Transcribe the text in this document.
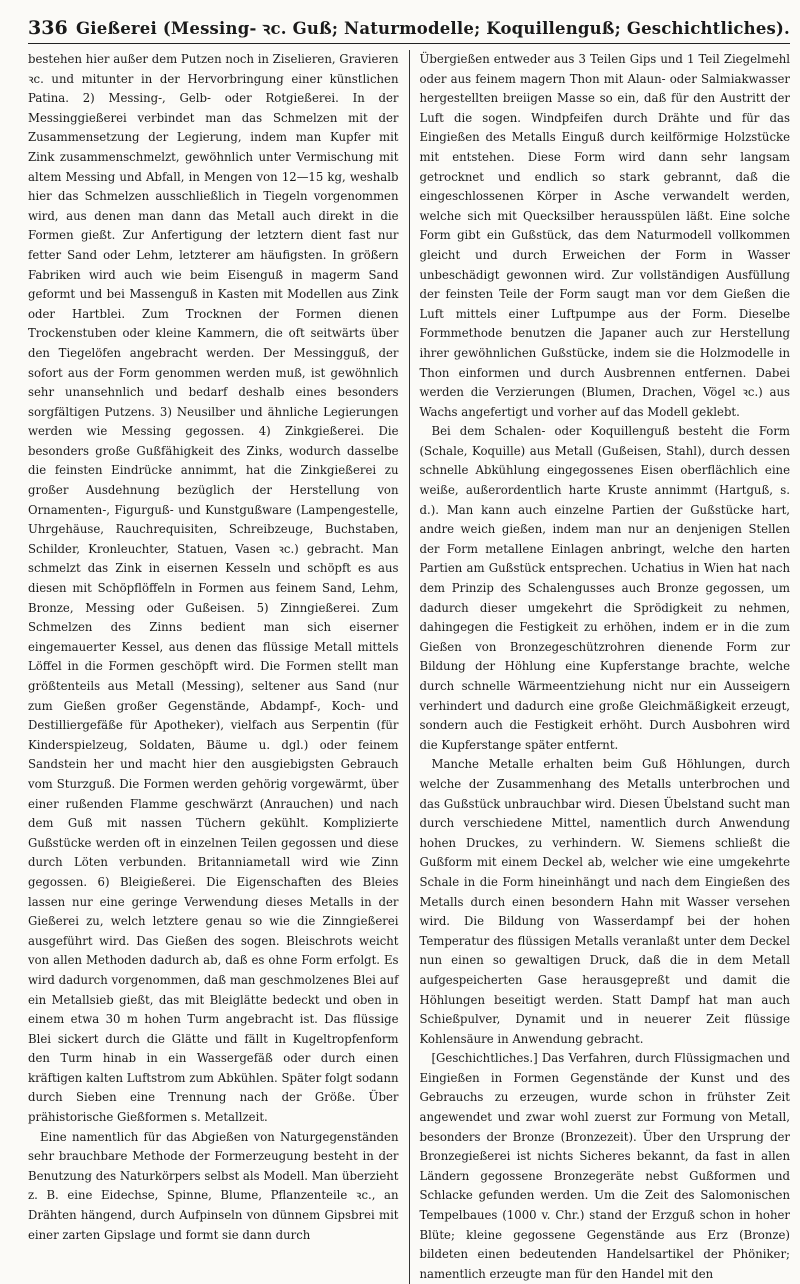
336 Gießerei (Messing- ꝛc. Guß; Naturmodelle; Koquillenguß; Geschichtliches).

bestehen hier außer dem Putzen noch in Ziselieren, Gravieren ꝛc. und mitunter in der Hervorbringung einer künstlichen Patina. 2) Messing-, Gelb- oder Rotgießerei. In der Messinggießerei verbindet man das Schmelzen mit der Zusammensetzung der Legierung, indem man Kupfer mit Zink zusammenschmelzt, gewöhnlich unter Vermischung mit altem Messing und Abfall, in Mengen von 12—15 kg, weshalb hier das Schmelzen ausschließlich in Tiegeln vorgenommen wird, aus denen man dann das Metall auch direkt in die Formen gießt. Zur Anfertigung der letztern dient fast nur fetter Sand oder Lehm, letzterer am häufigsten. In größern Fabriken wird auch wie beim Eisenguß in magerm Sand geformt und bei Massenguß in Kasten mit Modellen aus Zink oder Hartblei. Zum Trocknen der Formen dienen Trockenstuben oder kleine Kammern, die oft seitwärts über den Tiegelöfen angebracht werden. Der Messingguß, der sofort aus der Form genommen werden muß, ist gewöhnlich sehr unansehnlich und bedarf deshalb eines besonders sorgfältigen Putzens. 3) Neusilber und ähnliche Legierungen werden wie Messing gegossen. 4) Zinkgießerei. Die besonders große Gußfähigkeit des Zinks, wodurch dasselbe die feinsten Eindrücke annimmt, hat die Zinkgießerei zu großer Ausdehnung bezüglich der Herstellung von Ornamenten-, Figurguß- und Kunstgußware (Lampengestelle, Uhrgehäuse, Rauchrequisiten, Schreibzeuge, Buchstaben, Schilder, Kronleuchter, Statuen, Vasen ꝛc.) gebracht. Man schmelzt das Zink in eisernen Kesseln und schöpft es aus diesen mit Schöpflöffeln in Formen aus feinem Sand, Lehm, Bronze, Messing oder Gußeisen. 5) Zinngießerei. Zum Schmelzen des Zinns bedient man sich eiserner eingemauerter Kessel, aus denen das flüssige Metall mittels Löffel in die Formen geschöpft wird. Die Formen stellt man größtenteils aus Metall (Messing), seltener aus Sand (nur zum Gießen großer Gegenstände, Abdampf-, Koch- und Destilliergefäße für Apotheker), vielfach aus Serpentin (für Kinderspielzeug, Soldaten, Bäume u. dgl.) oder feinem Sandstein her und macht hier den ausgiebigsten Gebrauch vom Sturzguß. Die Formen werden gehörig vorgewärmt, über einer rußenden Flamme geschwärzt (Anrauchen) und nach dem Guß mit nassen Tüchern gekühlt. Komplizierte Gußstücke werden oft in einzelnen Teilen gegossen und diese durch Löten verbunden. Britanniametall wird wie Zinn gegossen. 6) Bleigießerei. Die Eigenschaften des Bleies lassen nur eine geringe Verwendung dieses Metalls in der Gießerei zu, welch letztere genau so wie die Zinngießerei ausgeführt wird. Das Gießen des sogen. Bleischrots weicht von allen Methoden dadurch ab, daß es ohne Form erfolgt. Es wird dadurch vorgenommen, daß man geschmolzenes Blei auf ein Metallsieb gießt, das mit Bleiglätte bedeckt und oben in einem etwa 30 m hohen Turm angebracht ist. Das flüssige Blei sickert durch die Glätte und fällt in Kugeltropfenform den Turm hinab in ein Wassergefäß oder durch einen kräftigen kalten Luftstrom zum Abkühlen. Später folgt sodann durch Sieben eine Trennung nach der Größe. Über prähistorische Gießformen s. Metallzeit.

Eine namentlich für das Abgießen von Naturgegenständen sehr brauchbare Methode der Formerzeugung besteht in der Benutzung des Naturkörpers selbst als Modell. Man überzieht z. B. eine Eidechse, Spinne, Blume, Pflanzenteile ꝛc., an Drähten hängend, durch Aufpinseln von dünnem Gipsbrei mit einer zarten Gipslage und formt sie dann durch

Übergießen entweder aus 3 Teilen Gips und 1 Teil Ziegelmehl oder aus feinem magern Thon mit Alaun- oder Salmiakwasser hergestellten breiigen Masse so ein, daß für den Austritt der Luft die sogen. Windpfeifen durch Drähte und für das Eingießen des Metalls Einguß durch keilförmige Holzstücke mit entstehen. Diese Form wird dann sehr langsam getrocknet und endlich so stark gebrannt, daß die eingeschlossenen Körper in Asche verwandelt werden, welche sich mit Quecksilber herausspülen läßt. Eine solche Form gibt ein Gußstück, das dem Naturmodell vollkommen gleicht und durch Erweichen der Form in Wasser unbeschädigt gewonnen wird. Zur vollständigen Ausfüllung der feinsten Teile der Form saugt man vor dem Gießen die Luft mittels einer Luftpumpe aus der Form. Dieselbe Formmethode benutzen die Japaner auch zur Herstellung ihrer gewöhnlichen Gußstücke, indem sie die Holzmodelle in Thon einformen und durch Ausbrennen entfernen. Dabei werden die Verzierungen (Blumen, Drachen, Vögel ꝛc.) aus Wachs angefertigt und vorher auf das Modell geklebt.

Bei dem Schalen- oder Koquillenguß besteht die Form (Schale, Koquille) aus Metall (Gußeisen, Stahl), durch dessen schnelle Abkühlung eingegossenes Eisen oberflächlich eine weiße, außerordentlich harte Kruste annimmt (Hartguß, s. d.). Man kann auch einzelne Partien der Gußstücke hart, andre weich gießen, indem man nur an denjenigen Stellen der Form metallene Einlagen anbringt, welche den harten Partien am Gußstück entsprechen. Uchatius in Wien hat nach dem Prinzip des Schalengusses auch Bronze gegossen, um dadurch dieser umgekehrt die Sprödigkeit zu nehmen, dahingegen die Festigkeit zu erhöhen, indem er in die zum Gießen von Bronzegeschützrohren dienende Form zur Bildung der Höhlung eine Kupferstange brachte, welche durch schnelle Wärmeentziehung nicht nur ein Ausseigern verhindert und dadurch eine große Gleichmäßigkeit erzeugt, sondern auch die Festigkeit erhöht. Durch Ausbohren wird die Kupferstange später entfernt.

Manche Metalle erhalten beim Guß Höhlungen, durch welche der Zusammenhang des Metalls unterbrochen und das Gußstück unbrauchbar wird. Diesen Übelstand sucht man durch verschiedene Mittel, namentlich durch Anwendung hohen Druckes, zu verhindern. W. Siemens schließt die Gußform mit einem Deckel ab, welcher wie eine umgekehrte Schale in die Form hineinhängt und nach dem Eingießen des Metalls durch einen besondern Hahn mit Wasser versehen wird. Die Bildung von Wasserdampf bei der hohen Temperatur des flüssigen Metalls veranlaßt unter dem Deckel nun einen so gewaltigen Druck, daß die in dem Metall aufgespeicherten Gase herausgepreßt und damit die Höhlungen beseitigt werden. Statt Dampf hat man auch Schießpulver, Dynamit und in neuerer Zeit flüssige Kohlensäure in Anwendung gebracht.

[Geschichtliches.] Das Verfahren, durch Flüssigmachen und Eingießen in Formen Gegenstände der Kunst und des Gebrauchs zu erzeugen, wurde schon in frühster Zeit angewendet und zwar wohl zuerst zur Formung von Metall, besonders der Bronze (Bronzezeit). Über den Ursprung der Bronzegießerei ist nichts Sicheres bekannt, da fast in allen Ländern gegossene Bronzegeräte nebst Gußformen und Schlacke gefunden werden. Um die Zeit des Salomonischen Tempelbaues (1000 v. Chr.) stand der Erzguß schon in hoher Blüte; kleine gegossene Gegenstände aus Erz (Bronze) bildeten einen bedeutenden Handelsartikel der Phöniker; namentlich erzeugte man für den Handel mit den
